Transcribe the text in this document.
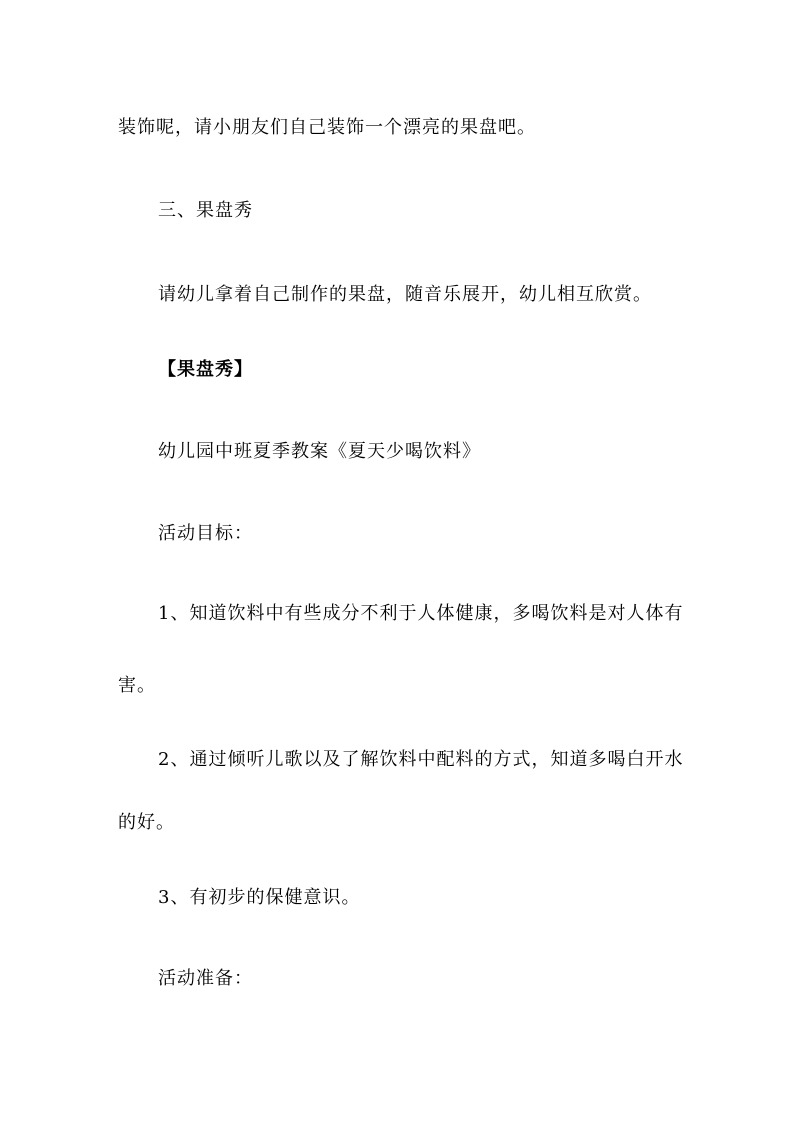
装饰呢，请小朋友们自己装饰一个漂亮的果盘吧。
三、果盘秀
请幼儿拿着自己制作的果盘，随音乐展开，幼儿相互欣赏。
【果盘秀】
幼儿园中班夏季教案《夏天少喝饮料》
活动目标：
1、知道饮料中有些成分不利于人体健康，多喝饮料是对人体有
害。
2、通过倾听儿歌以及了解饮料中配料的方式，知道多喝白开水
的好。
3、有初步的保健意识。
活动准备：
